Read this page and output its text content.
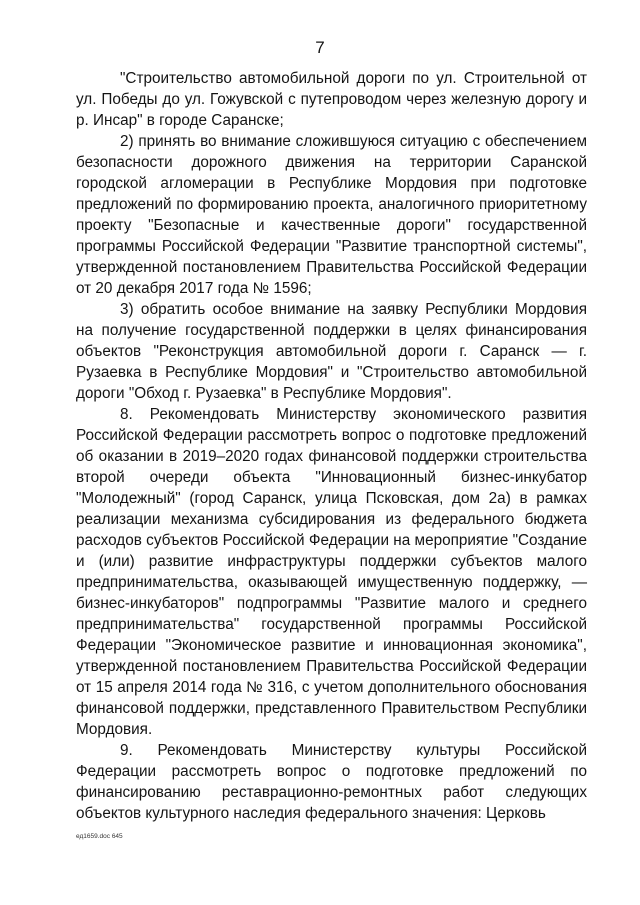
7

"Строительство автомобильной дороги по ул. Строительной от ул. Победы до ул. Гожувской с путепроводом через железную дорогу и р. Инсар" в городе Саранске;

2) принять во внимание сложившуюся ситуацию с обеспечением безопасности дорожного движения на территории Саранской городской агломерации в Республике Мордовия при подготовке предложений по формированию проекта, аналогичного приоритетному проекту "Безопасные и качественные дороги" государственной программы Российской Федерации "Развитие транспортной системы", утвержденной постановлением Правительства Российской Федерации от 20 декабря 2017 года № 1596;

3) обратить особое внимание на заявку Республики Мордовия на получение государственной поддержки в целях финансирования объектов "Реконструкция автомобильной дороги г. Саранск — г. Рузаевка в Республике Мордовия" и "Строительство автомобильной дороги "Обход г. Рузаевка" в Республике Мордовия".

8. Рекомендовать Министерству экономического развития Российской Федерации рассмотреть вопрос о подготовке предложений об оказании в 2019–2020 годах финансовой поддержки строительства второй очереди объекта "Инновационный бизнес-инкубатор "Молодежный" (город Саранск, улица Псковская, дом 2а) в рамках реализации механизма субсидирования из федерального бюджета расходов субъектов Российской Федерации на мероприятие "Создание и (или) развитие инфраструктуры поддержки субъектов малого предпринимательства, оказывающей имущественную поддержку, — бизнес-инкубаторов" подпрограммы "Развитие малого и среднего предпринимательства" государственной программы Российской Федерации "Экономическое развитие и инновационная экономика", утвержденной постановлением Правительства Российской Федерации от 15 апреля 2014 года № 316, с учетом дополнительного обоснования финансовой поддержки, представленного Правительством Республики Мордовия.

9. Рекомендовать Министерству культуры Российской Федерации рассмотреть вопрос о подготовке предложений по финансированию реставрационно-ремонтных работ следующих объектов культурного наследия федерального значения: Церковь

ед1659.doc 645
